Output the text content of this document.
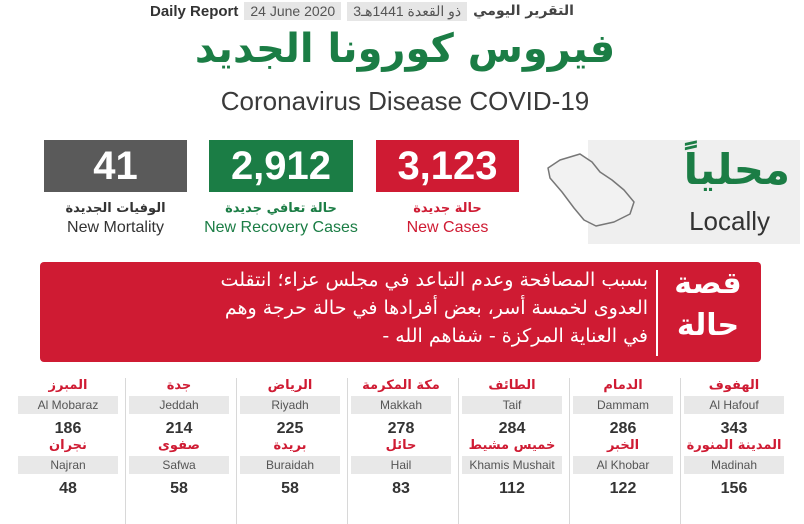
Daily Report 24 June 2020	3ذو القعدة 1441هـ التقرير اليومي
فيروس كورونا الجديد
Coronavirus Disease COVID-19
41
الوفيات الجديدة
New Mortality
2,912
حالة تعافي جديدة
New Recovery Cases
3,123
حالة جديدة
New Cases
محلياً
Locally
قصة
حالة
بسبب المصافحة وعدم التباعد في مجلس عزاء؛ انتقلت
العدوى لخمسة أسر، بعض أفرادها في حالة حرجة وهم
في العناية المركزة - شفاهم الله -
الهفوف
Al Hafouf
343
الدمام
Dammam
286
الطائف
Taif
284
مكة المكرمة
Makkah
278
الرياض
Riyadh
225
جدة
Jeddah
214
المبرز
Al Mobaraz
186
المدينة المنورة
Madinah
156
الخبر
Al Khobar
122
خميس مشيط
Khamis Mushait
112
حائل
Hail
83
بريدة
Buraidah
58
صفوى
Safwa
58
نجران
Najran
48
